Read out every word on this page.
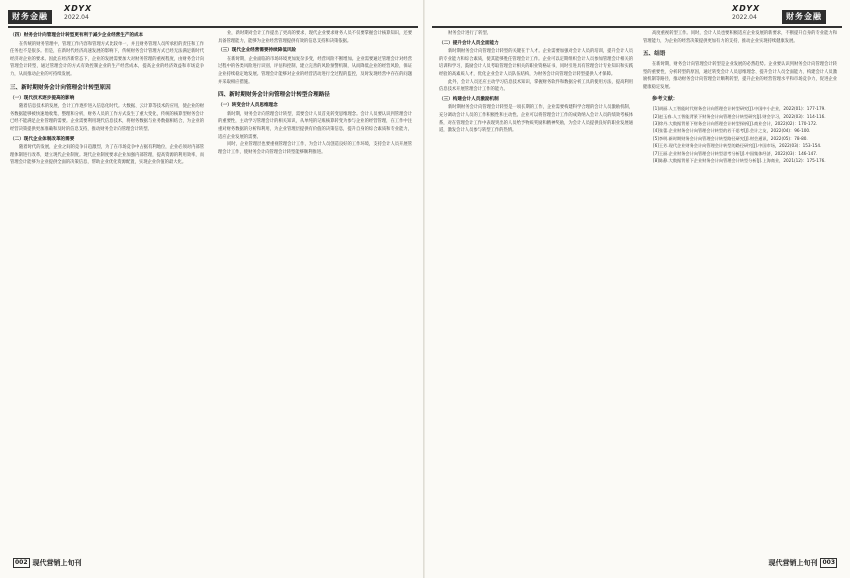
财务金融
XDYX
2022.04
（四）财务会计向管理会计转型更有利于减少企业经营生产的成本

在传统的财务管理中，管理工作内容和管理方式比较单一，并且财务管理人员所承担的责任和工作任务也不是很多。但是，在新时代经济高速发展的影响下，传统财务会计管理方式已经无法满足新时代经济对企业的要求。因此在经济新常态下，企业的发展需要加大对财务管理的重视程度，由财务会计向管理会计转型，通过管理会计的方式有效控制企业的生产经营成本，提高企业的经济效益和市场竞争力，从而推动企业的可持续发展。

三、新时期财务会计向管理会计转型原因
（一）现代技术逐步提高的影响

随着信息技术的发展，会计工作逐步进入信息化时代。大数据、云计算等技术的应用，使企业的财务数据能够被快速地收集、整理和分析，财务人员的工作方式发生了重大变化，传统的核算型财务会计已经不能满足企业管理的需要。企业需要利用现代信息技术，将财务数据与业务数据相结合，为企业的经营决策提供更加准确和及时的信息支持，推动财务会计向管理会计转型。

（二）现代企业体制改革的需要

随着时代的发展，企业之间的竞争日趋激烈，为了在市场竞争中占据有利地位，企业必须对内部管理体制进行改革，建立现代企业制度。现代企业制度要求企业加强内部管理，提高资源的利用效率，而管理会计能够为企业提供全面的决策信息，帮助企业优化资源配置，实现企业价值的最大化。

业，新时期对会计工作提出了更高的要求，现代企业要求财务人员不仅要掌握会计核算知识，还要具备管理能力，能够为企业经营管理提供有效的信息支持和决策依据。

（三）现代企业经营需要持续降低风险

在新时期，企业面临的市场环境更加复杂多变，经营风险不断增加。企业需要通过管理会计对经营过程中的各类风险进行识别、评估和控制，建立完善的风险预警机制，从而降低企业的经营风险，保证企业持续稳定地发展。管理会计能够对企业的经营活动进行全过程的监控，及时发现经营中存在的问题并采取相应措施。

四、新时期财务会计向管理会计转型合理路径
（一）转变会计人员思维理念

新时期，财务会计向管理会计转型，需要会计人员首先转变思维理念。会计人员要认识到管理会计的重要性，主动学习管理会计的相关知识，从单纯的记账核算转变为参与企业的经营管理，在工作中注重对财务数据的分析和利用，为企业管理层提供有价值的决策信息，提升自身的综合素质和专业能力，适应企业发展的需要。

同时，企业管理层也要重视管理会计工作，为会计人员创造良好的工作环境，支持会计人员开展管理会计工作，使财务会计向管理会计转型能够顺利推进。

002 现代营销上旬刊
XDYX
2022.04	财务金融

财务会计进行了转型。

（二）提升会计人员全面能力

新时期财务会计向管理会计转型的关键在于人才。企业需要加强对会计人员的培训，提升会计人员的专业能力和综合素质，使其能够胜任管理会计工作。企业可以定期组织会计人员参加管理会计相关的培训和学习，鼓励会计人员考取管理会计相关的职业资格证书，同时引进具有管理会计专业知识和实践经验的高素质人才，优化企业会计人员队伍结构，为财务会计向管理会计转型提供人才保障。

此外，会计人员还应主动学习信息技术知识，掌握财务软件和数据分析工具的使用方法，提高利用信息技术开展管理会计工作的能力。

（三）构建会计人员激励机制

新时期财务会计向管理会计转型是一项长期的工作，企业需要构建科学合理的会计人员激励机制，充分调动会计人员的工作积极性和主动性。企业可以将管理会计工作的成效纳入会计人员的绩效考核体系，对在管理会计工作中表现突出的人员给予物质奖励和精神奖励，为会计人员提供良好的职业发展通道，激发会计人员参与转型工作的热情。

高度重视转型工作。同时，会计人员也要积极适应企业发展的新要求，不断提升自身的专业能力和管理能力，为企业的经营决策提供更加有力的支持，推动企业实现持续健康发展。

五、结语

在新时期，财务会计向管理会计转型是企业发展的必然趋势。企业要认识到财务会计向管理会计转型的重要性，分析转型的原因，通过转变会计人员思维理念、提升会计人员全面能力、构建会计人员激励机制等路径，推动财务会计向管理会计顺利转型，提升企业的经营管理水平和市场竞争力，促进企业健康稳定发展。

参考文献：
[1]胡丽.人工智能时代财务会计向管理会计转型研究[J].中国中小企业，2022(01)：177-179.
[2]赵玉春.人工智能背景下财务会计向管理会计转型研究[J].财会学习，2022(03)：114-116.
[3]徐丹.大数据背景下财务会计向管理会计转型探析[J].商业会计，2022(02)：170-172.
[4]张蕾.企业财务会计向管理会计转型的若干思考[J].会计之友，2022(04)：96-100.
[5]李明.新时期财务会计向管理会计转型路径研究[J].财会通讯，2022(05)：78-80.
[6]王芳.现代企业财务会计向管理会计转型的路径研究[J].中国市场，2022(03)：153-154.
[7]王丽.企业财务会计向管理会计转型思考分析[J].中国集体经济，2022(03)：146-147.
[8]陈静.大数据背景下企业财务会计向管理会计转型分析[J].上海商业，2021(12)：175-176.
现代营销上旬刊 003
